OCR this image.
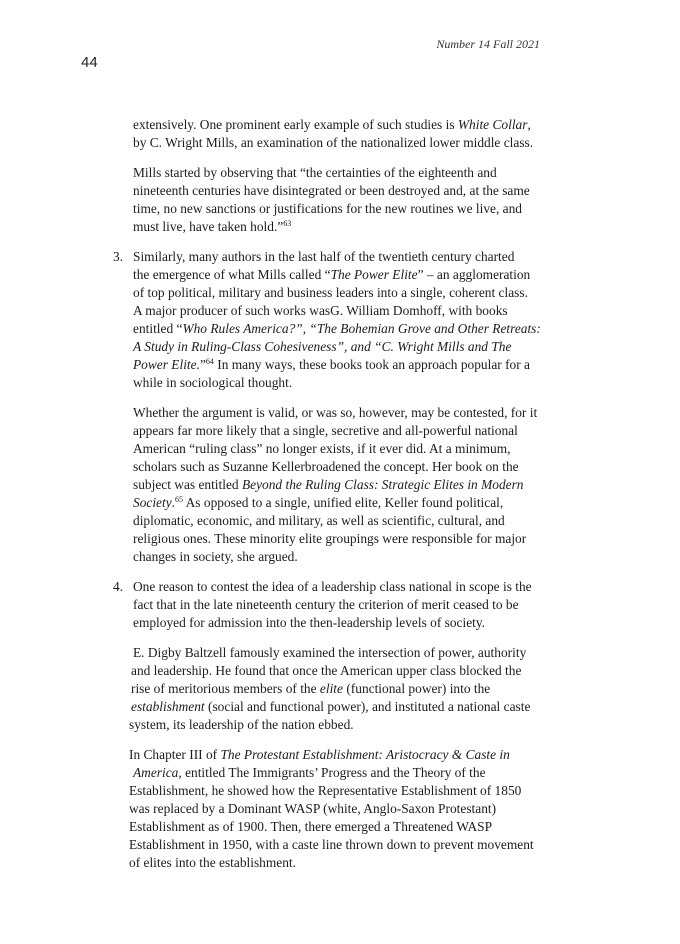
Number 14 Fall 2021
44
extensively. One prominent early example of such studies is White Collar,
by C. Wright Mills, an examination of the nationalized lower middle class.
Mills started by observing that “the certainties of the eighteenth and
nineteenth centuries have disintegrated or been destroyed and, at the same
time, no new sanctions or justifications for the new routines we live, and
must live, have taken hold.”$^{63}$
3. Similarly, many authors in the last half of the twentieth century charted
the emergence of what Mills called “The Power Elite” – an agglomeration
of top political, military and business leaders into a single, coherent class.
A major producer of such works wasG. William Domhoff, with books
entitled “Who Rules America?”, “The Bohemian Grove and Other Retreats:
A Study in Ruling-Class Cohesiveness”, and “C. Wright Mills and The
Power Elite.”$^{64}$ In many ways, these books took an approach popular for a
while in sociological thought.
Whether the argument is valid, or was so, however, may be contested, for it
appears far more likely that a single, secretive and all-powerful national
American “ruling class” no longer exists, if it ever did. At a minimum,
scholars such as Suzanne Kellerbroadened the concept. Her book on the
subject was entitled Beyond the Ruling Class: Strategic Elites in Modern
Society.$^{65}$ As opposed to a single, unified elite, Keller found political,
diplomatic, economic, and military, as well as scientific, cultural, and
religious ones. These minority elite groupings were responsible for major
changes in society, she argued.
4. One reason to contest the idea of a leadership class national in scope is the
fact that in the late nineteenth century the criterion of merit ceased to be
employed for admission into the then-leadership levels of society.
E. Digby Baltzell famously examined the intersection of power, authority
and leadership. He found that once the American upper class blocked the
rise of meritorious members of the elite (functional power) into the
establishment (social and functional power), and instituted a national caste
system, its leadership of the nation ebbed.
In Chapter III of The Protestant Establishment: Aristocracy & Caste in
America, entitled The Immigrants’ Progress and the Theory of the
Establishment, he showed how the Representative Establishment of 1850
was replaced by a Dominant WASP (white, Anglo-Saxon Protestant)
Establishment as of 1900. Then, there emerged a Threatened WASP
Establishment in 1950, with a caste line thrown down to prevent movement
of elites into the establishment.
